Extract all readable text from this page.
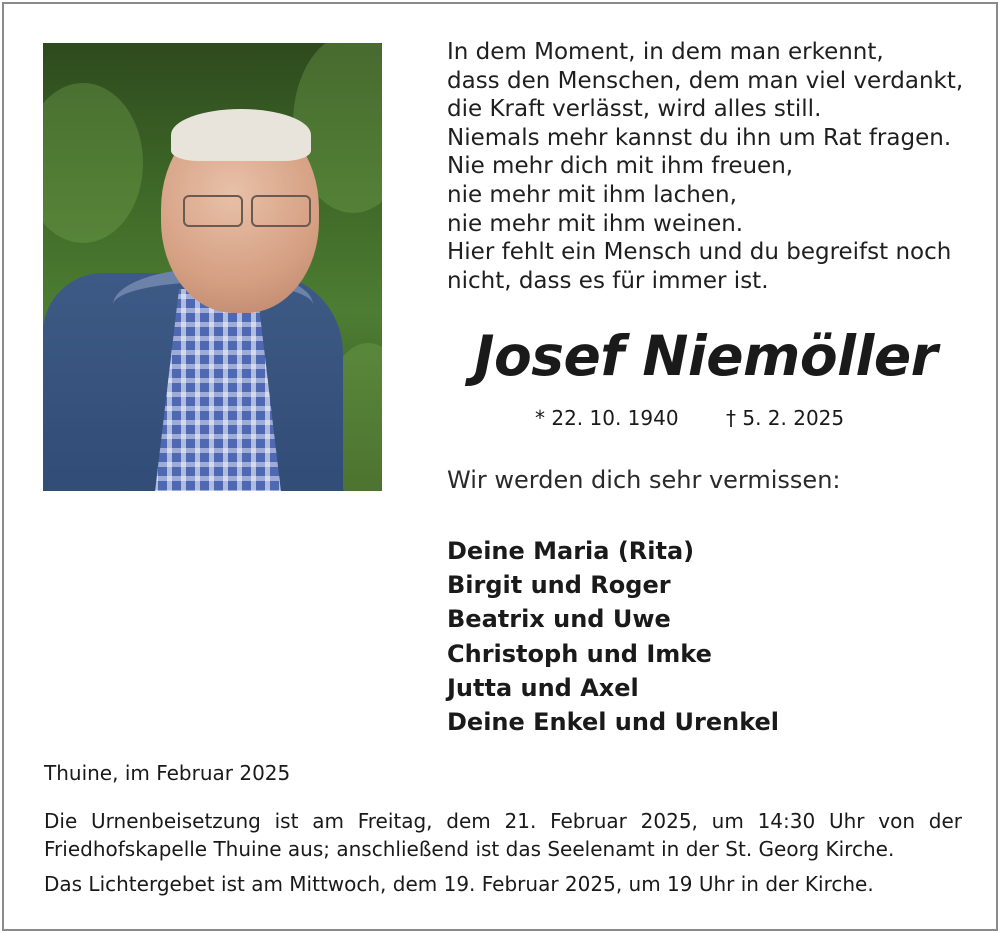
In dem Moment, in dem man erkennt,
dass den Menschen, dem man viel verdankt,
die Kraft verlässt, wird alles still.
Niemals mehr kannst du ihn um Rat fragen.
Nie mehr dich mit ihm freuen,
nie mehr mit ihm lachen,
nie mehr mit ihm weinen.
Hier fehlt ein Mensch und du begreifst noch
nicht, dass es für immer ist.
Josef Niemöller
* 22. 10. 1940 † 5. 2. 2025
Wir werden dich sehr vermissen:
Deine Maria (Rita)
Birgit und Roger
Beatrix und Uwe
Christoph und Imke
Jutta und Axel
Deine Enkel und Urenkel
Thuine, im Februar 2025
Die Urnenbeisetzung ist am Freitag, dem 21. Februar 2025, um 14:30 Uhr von der Friedhofskapelle Thuine aus; anschließend ist das Seelenamt in der St. Georg Kirche.
Das Lichtergebet ist am Mittwoch, dem 19. Februar 2025, um 19 Uhr in der Kirche.
